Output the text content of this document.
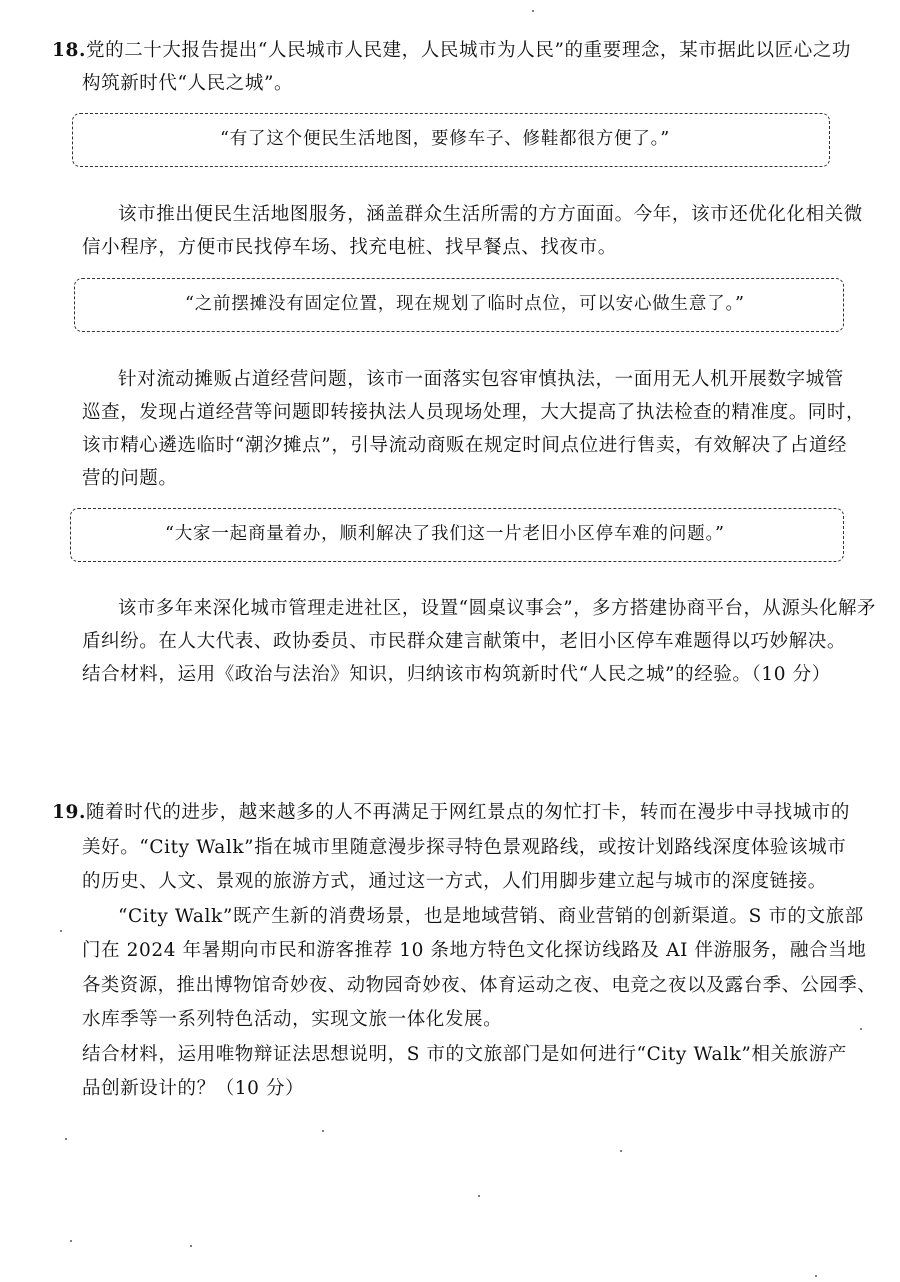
18.党的二十大报告提出“人民城市人民建，人民城市为人民”的重要理念，某市据此以匠心之功
构筑新时代“人民之城”。
“有了这个便民生活地图，要修车子、修鞋都很方便了。”
该市推出便民生活地图服务，涵盖群众生活所需的方方面面。今年，该市还优化化相关微
信小程序，方便市民找停车场、找充电桩、找早餐点、找夜市。
“之前摆摊没有固定位置，现在规划了临时点位，可以安心做生意了。”
针对流动摊贩占道经营问题，该市一面落实包容审慎执法，一面用无人机开展数字城管
巡查，发现占道经营等问题即转接执法人员现场处理，大大提高了执法检查的精准度。同时，
该市精心遴选临时“潮汐摊点”，引导流动商贩在规定时间点位进行售卖，有效解决了占道经
营的问题。
“大家一起商量着办，顺利解决了我们这一片老旧小区停车难的问题。”
该市多年来深化城市管理走进社区，设置“圆桌议事会”，多方搭建协商平台，从源头化解矛
盾纠纷。在人大代表、政协委员、市民群众建言献策中，老旧小区停车难题得以巧妙解决。
结合材料，运用《政治与法治》知识，归纳该市构筑新时代“人民之城”的经验。（10 分）
19.随着时代的进步，越来越多的人不再满足于网红景点的匆忙打卡，转而在漫步中寻找城市的
美好。“City Walk”指在城市里随意漫步探寻特色景观路线，或按计划路线深度体验该城市
的历史、人文、景观的旅游方式，通过这一方式，人们用脚步建立起与城市的深度链接。
“City Walk”既产生新的消费场景，也是地域营销、商业营销的创新渠道。S 市的文旅部
门在 2024 年暑期向市民和游客推荐 10 条地方特色文化探访线路及 AI 伴游服务，融合当地
各类资源，推出博物馆奇妙夜、动物园奇妙夜、体育运动之夜、电竞之夜以及露台季、公园季、
水库季等一系列特色活动，实现文旅一体化发展。
结合材料，运用唯物辩证法思想说明，S 市的文旅部门是如何进行“City Walk”相关旅游产
品创新设计的？（10 分）
